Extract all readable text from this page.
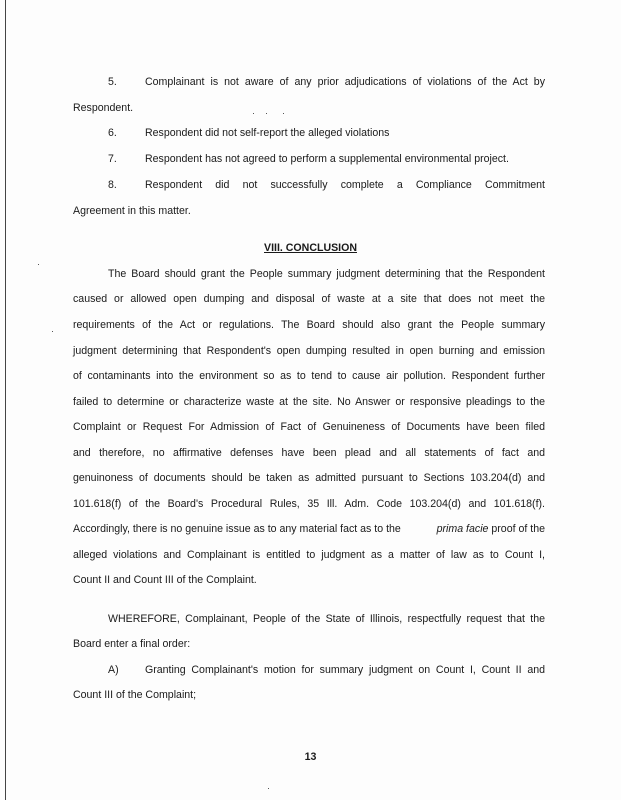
5.	Complainant is not aware of any prior adjudications of violations of the Act by
Respondent.
6.	Respondent did not self-report the alleged violations
7.	Respondent has not agreed to perform a supplemental environmental project.
8.	Respondent did not successfully complete a Compliance Commitment
Agreement in this matter.
VIII. CONCLUSION
The Board should grant the People summary judgment determining that the Respondent
caused or allowed open dumping and disposal of waste at a site that does not meet the
requirements of the Act or regulations. The Board should also grant the People summary
judgment determining that Respondent's open dumping resulted in open burning and emission
of contaminants into the environment so as to tend to cause air pollution. Respondent further
failed to determine or characterize waste at the site. No Answer or responsive pleadings to the
Complaint or Request For Admission of Fact of Genuineness of Documents have been filed
and therefore, no affirmative defenses have been plead and all statements of fact and
genuinoness of documents should be taken as admitted pursuant to Sections 103.204(d) and
101.618(f) of the Board's Procedural Rules, 35 Ill. Adm. Code 103.204(d) and 101.618(f).
Accordingly, there is no genuine issue as to any material fact as to the	prima facie proof of the
alleged violations and Complainant is entitled to judgment as a matter of law as to Count I,
Count II and Count III of the Complaint.
WHEREFORE, Complainant, People of the State of Illinois, respectfully request that the
Board enter a final order:
A) Granting Complainant's motion for summary judgment on Count I, Count II and
Count III of the Complaint;
13
